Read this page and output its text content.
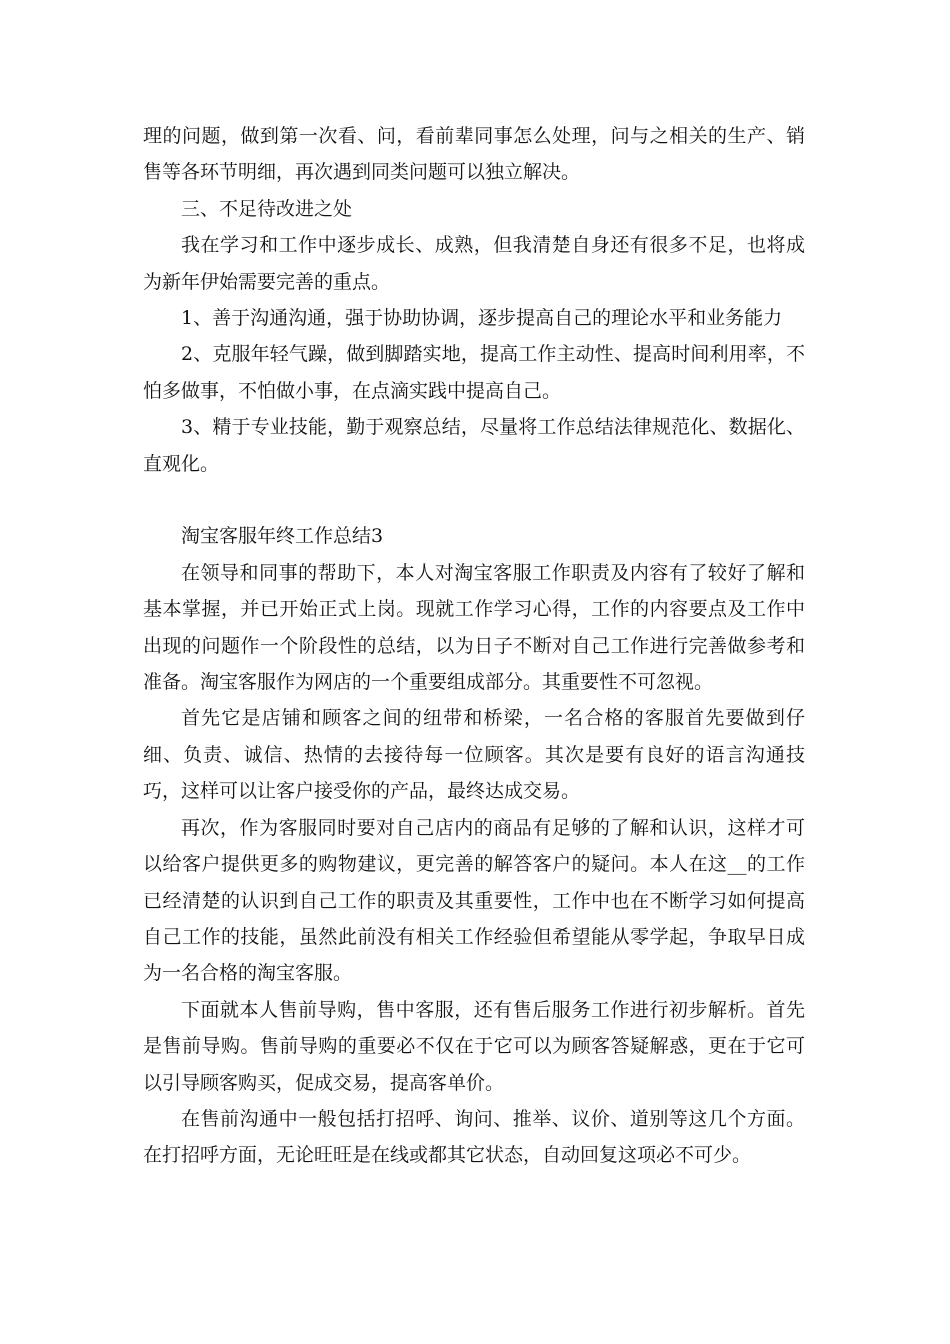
理的问题，做到第一次看、问，看前辈同事怎么处理，问与之相关的生产、销售等各环节明细，再次遇到同类问题可以独立解决。

三、不足待改进之处

我在学习和工作中逐步成长、成熟，但我清楚自身还有很多不足，也将成为新年伊始需要完善的重点。

1、善于沟通沟通，强于协助协调，逐步提高自己的理论水平和业务能力

2、克服年轻气躁，做到脚踏实地，提高工作主动性、提高时间利用率，不怕多做事，不怕做小事，在点滴实践中提高自己。

3、精于专业技能，勤于观察总结，尽量将工作总结法律规范化、数据化、直观化。

淘宝客服年终工作总结3

在领导和同事的帮助下，本人对淘宝客服工作职责及内容有了较好了解和基本掌握，并已开始正式上岗。现就工作学习心得，工作的内容要点及工作中出现的问题作一个阶段性的总结，以为日子不断对自己工作进行完善做参考和准备。淘宝客服作为网店的一个重要组成部分。其重要性不可忽视。

首先它是店铺和顾客之间的纽带和桥梁，一名合格的客服首先要做到仔细、负责、诚信、热情的去接待每一位顾客。其次是要有良好的语言沟通技巧，这样可以让客户接受你的产品，最终达成交易。

再次，作为客服同时要对自己店内的商品有足够的了解和认识，这样才可以给客户提供更多的购物建议，更完善的解答客户的疑问。本人在这__的工作已经清楚的认识到自己工作的职责及其重要性，工作中也在不断学习如何提高自己工作的技能，虽然此前没有相关工作经验但希望能从零学起，争取早日成为一名合格的淘宝客服。

下面就本人售前导购，售中客服，还有售后服务工作进行初步解析。首先是售前导购。售前导购的重要必不仅在于它可以为顾客答疑解惑，更在于它可以引导顾客购买，促成交易，提高客单价。

在售前沟通中一般包括打招呼、询问、推举、议价、道别等这几个方面。在打招呼方面，无论旺旺是在线或都其它状态，自动回复这项必不可少。
